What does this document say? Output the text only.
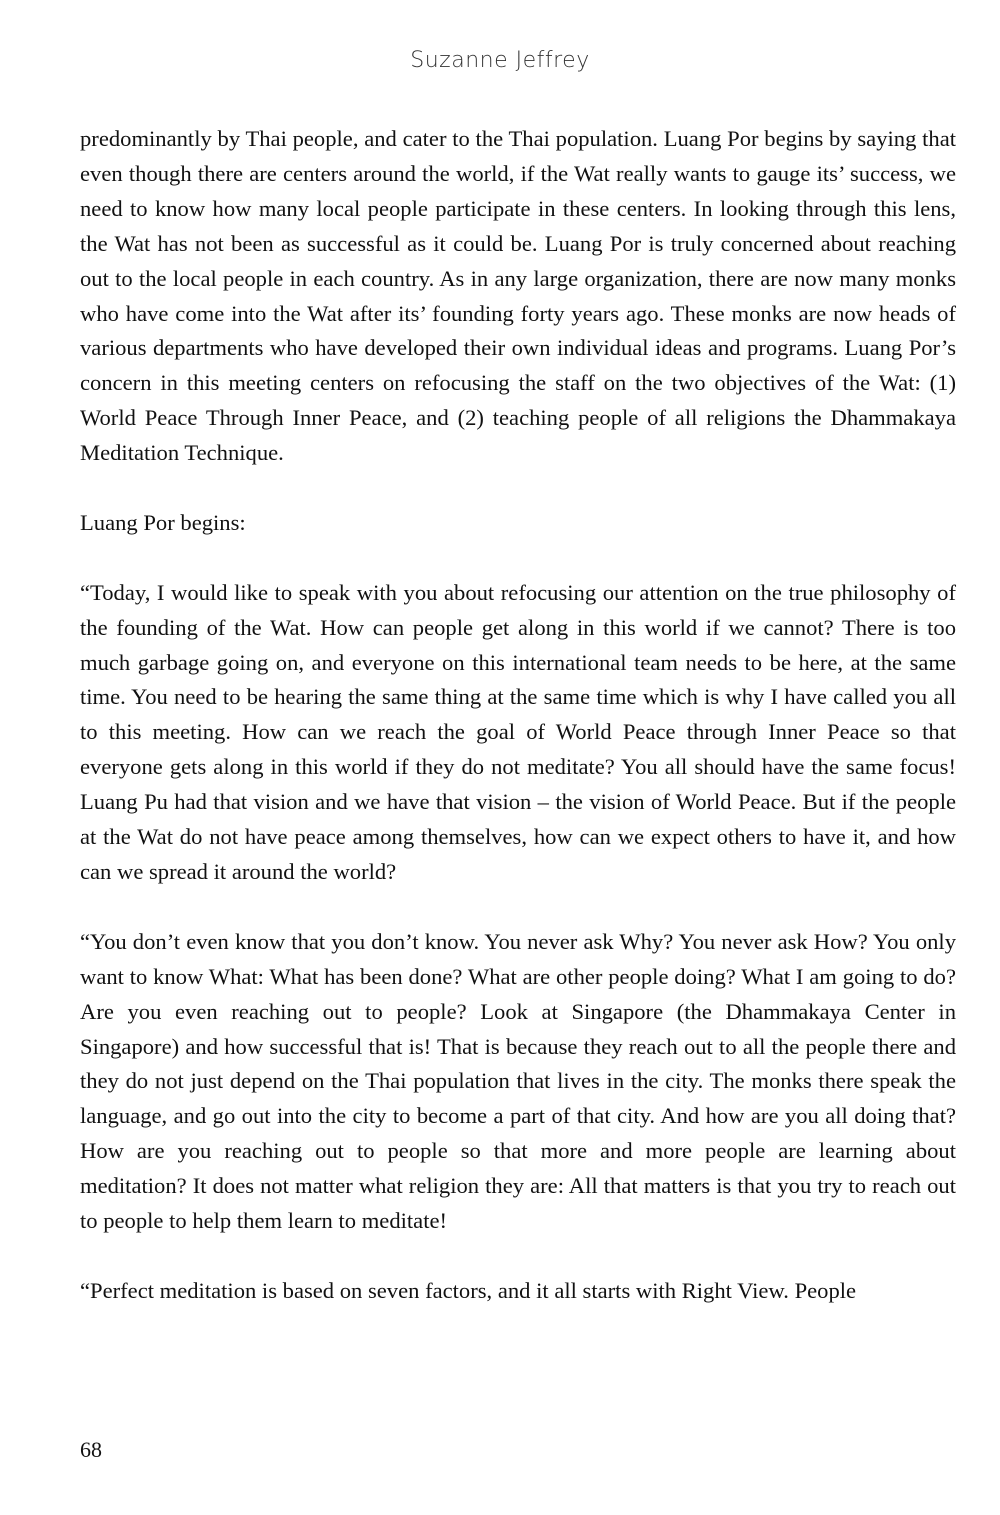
Suzanne Jeffrey

predominantly by Thai people, and cater to the Thai population. Luang Por begins by saying that even though there are centers around the world, if the Wat really wants to gauge its’ success, we need to know how many local people participate in these centers. In looking through this lens, the Wat has not been as successful as it could be. Luang Por is truly concerned about reaching out to the local people in each country. As in any large organization, there are now many monks who have come into the Wat after its’ founding forty years ago. These monks are now heads of various departments who have developed their own individual ideas and programs. Luang Por’s concern in this meeting centers on refocusing the staff on the two objectives of the Wat: (1) World Peace Through Inner Peace, and (2) teaching people of all religions the Dhammakaya Meditation Technique.

Luang Por begins:

“Today, I would like to speak with you about refocusing our attention on the true philosophy of the founding of the Wat. How can people get along in this world if we cannot? There is too much garbage going on, and everyone on this international team needs to be here, at the same time. You need to be hearing the same thing at the same time which is why I have called you all to this meeting. How can we reach the goal of World Peace through Inner Peace so that everyone gets along in this world if they do not meditate? You all should have the same focus! Luang Pu had that vision and we have that vision – the vision of World Peace. But if the people at the Wat do not have peace among themselves, how can we expect others to have it, and how can we spread it around the world?

“You don’t even know that you don’t know. You never ask Why? You never ask How? You only want to know What: What has been done? What are other people doing? What I am going to do? Are you even reaching out to people? Look at Singapore (the Dhammakaya Center in Singapore) and how successful that is! That is because they reach out to all the people there and they do not just depend on the Thai population that lives in the city. The monks there speak the language, and go out into the city to become a part of that city. And how are you all doing that? How are you reaching out to people so that more and more people are learning about meditation? It does not matter what religion they are: All that matters is that you try to reach out to people to help them learn to meditate!

“Perfect meditation is based on seven factors, and it all starts with Right View. People

68
